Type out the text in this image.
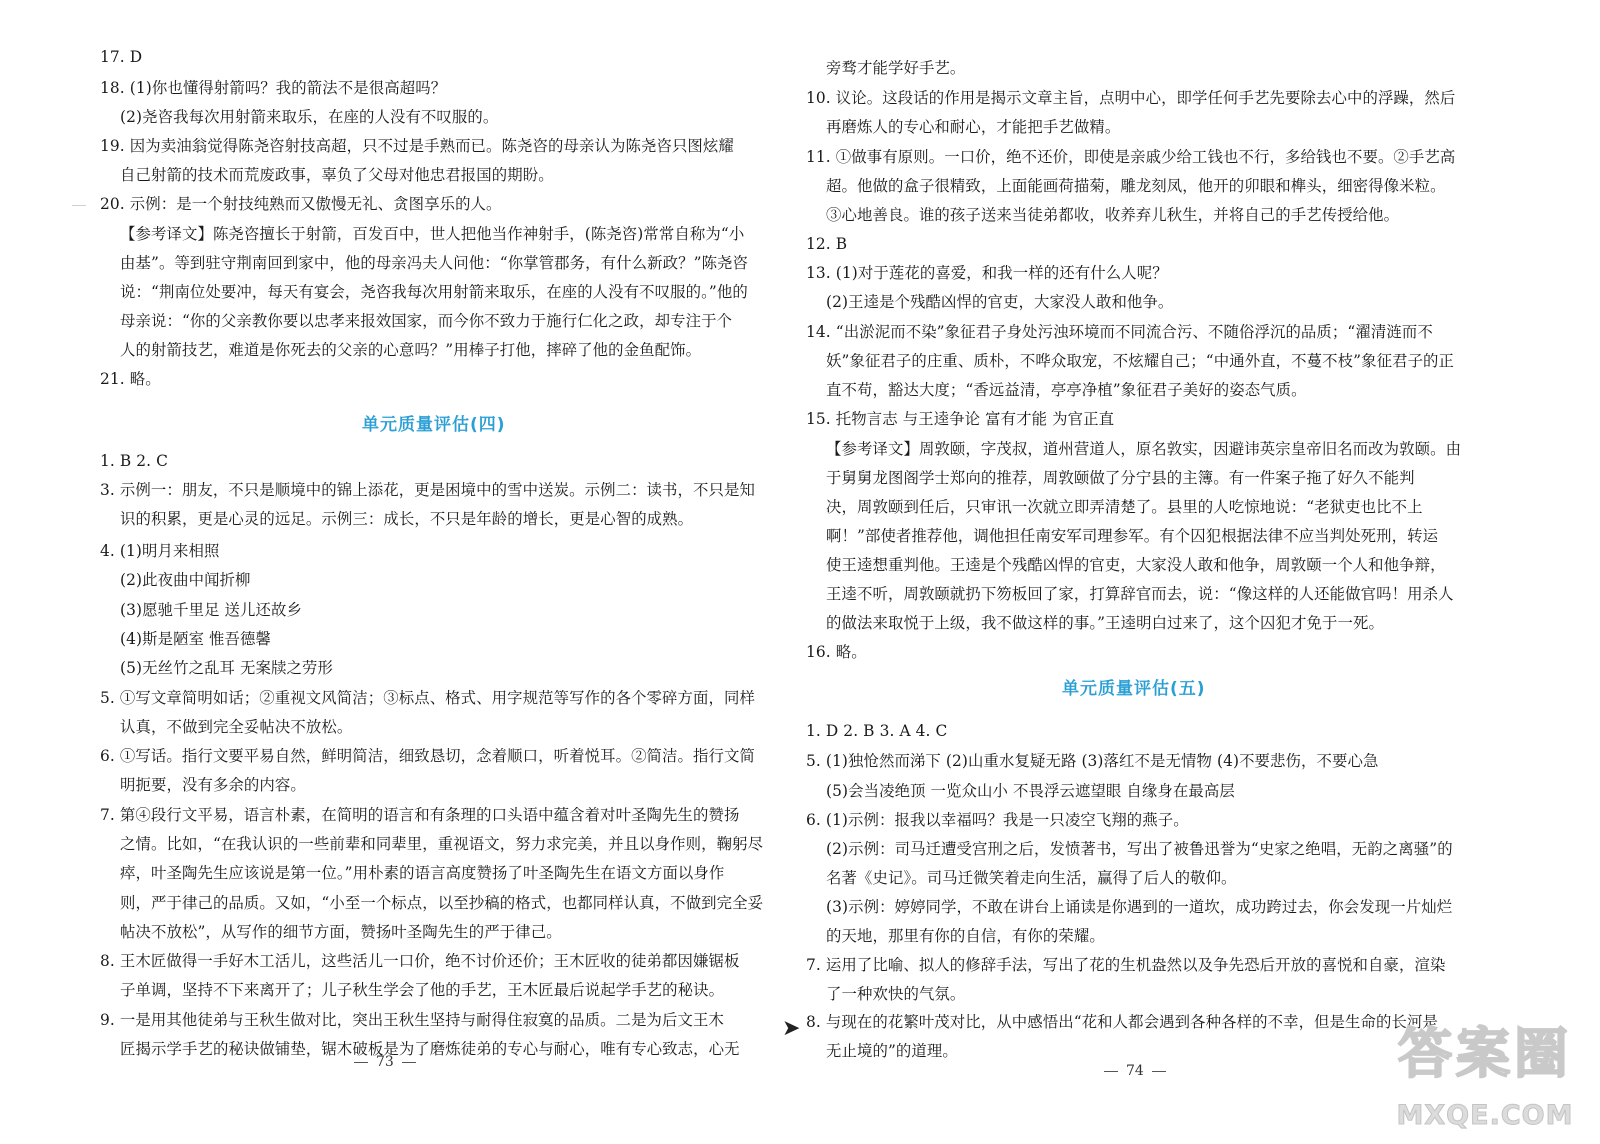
17. D
18. (1)你也懂得射箭吗？我的箭法不是很高超吗？
(2)尧咨我每次用射箭来取乐，在座的人没有不叹服的。
19. 因为卖油翁觉得陈尧咨射技高超，只不过是手熟而已。陈尧咨的母亲认为陈尧咨只图炫耀
自己射箭的技术而荒废政事，辜负了父母对他忠君报国的期盼。
20. 示例：是一个射技纯熟而又傲慢无礼、贪图享乐的人。
【参考译文】陈尧咨擅长于射箭，百发百中，世人把他当作神射手，(陈尧咨)常常自称为“小
由基”。等到驻守荆南回到家中，他的母亲冯夫人问他：“你掌管郡务，有什么新政？”陈尧咨
说：“荆南位处要冲，每天有宴会，尧咨我每次用射箭来取乐，在座的人没有不叹服的。”他的
母亲说：“你的父亲教你要以忠孝来报效国家，而今你不致力于施行仁化之政，却专注于个
人的射箭技艺，难道是你死去的父亲的心意吗？”用棒子打他，摔碎了他的金鱼配饰。
21. 略。
1. B 2. C
3. 示例一：朋友，不只是顺境中的锦上添花，更是困境中的雪中送炭。示例二：读书，不只是知
识的积累，更是心灵的远足。示例三：成长，不只是年龄的增长，更是心智的成熟。
4. (1)明月来相照
(2)此夜曲中闻折柳
(3)愿驰千里足 送儿还故乡
(4)斯是陋室 惟吾德馨
(5)无丝竹之乱耳 无案牍之劳形
5. ①写文章简明如话；②重视文风简洁；③标点、格式、用字规范等写作的各个零碎方面，同样
认真，不做到完全妥帖决不放松。
6. ①写话。指行文要平易自然，鲜明简洁，细致恳切，念着顺口，听着悦耳。②简洁。指行文简
明扼要，没有多余的内容。
7. 第④段行文平易，语言朴素，在简明的语言和有条理的口头语中蕴含着对叶圣陶先生的赞扬
之情。比如，“在我认识的一些前辈和同辈里，重视语文，努力求完美，并且以身作则，鞠躬尽
瘁，叶圣陶先生应该说是第一位。”用朴素的语言高度赞扬了叶圣陶先生在语文方面以身作
则，严于律己的品质。又如，“小至一个标点，以至抄稿的格式，也都同样认真，不做到完全妥
帖决不放松”，从写作的细节方面，赞扬叶圣陶先生的严于律己。
8. 王木匠做得一手好木工活儿，这些活儿一口价，绝不讨价还价；王木匠收的徒弟都因嫌锯板
子单调，坚持不下来离开了；儿子秋生学会了他的手艺，王木匠最后说起学手艺的秘诀。
9. 一是用其他徒弟与王秋生做对比，突出王秋生坚持与耐得住寂寞的品质。二是为后文王木
匠揭示学手艺的秘诀做铺垫，锯木破板是为了磨炼徒弟的专心与耐心，唯有专心致志，心无
单元质量评估(四)
73
旁骛才能学好手艺。
10. 议论。这段话的作用是揭示文章主旨，点明中心，即学任何手艺先要除去心中的浮躁，然后
再磨炼人的专心和耐心，才能把手艺做精。
11. ①做事有原则。一口价，绝不还价，即使是亲戚少给工钱也不行，多给钱也不要。②手艺高
超。他做的盒子很精致，上面能画荷描菊，雕龙刻凤，他开的卯眼和榫头，细密得像米粒。
③心地善良。谁的孩子送来当徒弟都收，收养弃儿秋生，并将自己的手艺传授给他。
12. B
13. (1)对于莲花的喜爱，和我一样的还有什么人呢？
(2)王逵是个残酷凶悍的官吏，大家没人敢和他争。
14. “出淤泥而不染”象征君子身处污浊环境而不同流合污、不随俗浮沉的品质；“濯清涟而不
妖”象征君子的庄重、质朴，不哗众取宠，不炫耀自己；“中通外直，不蔓不枝”象征君子的正
直不苟，豁达大度；“香远益清，亭亭净植”象征君子美好的姿态气质。
15. 托物言志 与王逵争论 富有才能 为官正直
【参考译文】周敦颐，字茂叔，道州营道人，原名敦实，因避讳英宗皇帝旧名而改为敦颐。由
于舅舅龙图阁学士郑向的推荐，周敦颐做了分宁县的主簿。有一件案子拖了好久不能判
决，周敦颐到任后，只审讯一次就立即弄清楚了。县里的人吃惊地说：“老狱吏也比不上
啊！”部使者推荐他，调他担任南安军司理参军。有个囚犯根据法律不应当判处死刑，转运
使王逵想重判他。王逵是个残酷凶悍的官吏，大家没人敢和他争，周敦颐一个人和他争辩，
王逵不听，周敦颐就扔下笏板回了家，打算辞官而去，说：“像这样的人还能做官吗！用杀人
的做法来取悦于上级，我不做这样的事。”王逵明白过来了，这个囚犯才免于一死。
16. 略。
1. D 2. B 3. A 4. C
5. (1)独怆然而涕下 (2)山重水复疑无路 (3)落红不是无情物 (4)不要悲伤，不要心急
(5)会当凌绝顶 一览众山小 不畏浮云遮望眼 自缘身在最高层
6. (1)示例：报我以幸福吗？我是一只凌空飞翔的燕子。
(2)示例：司马迁遭受宫刑之后，发愤著书，写出了被鲁迅誉为“史家之绝唱，无韵之离骚”的
名著《史记》。司马迁微笑着走向生活，赢得了后人的敬仰。
(3)示例：婷婷同学，不敢在讲台上诵读是你遇到的一道坎，成功跨过去，你会发现一片灿烂
的天地，那里有你的自信，有你的荣耀。
7. 运用了比喻、拟人的修辞手法，写出了花的生机盎然以及争先恐后开放的喜悦和自豪，渲染
了一种欢快的气氛。
8. 与现在的花繁叶茂对比，从中感悟出“花和人都会遇到各种各样的不幸，但是生命的长河是
无止境的”的道理。
单元质量评估(五)
74
➤	答案圈
MXQE.COM
